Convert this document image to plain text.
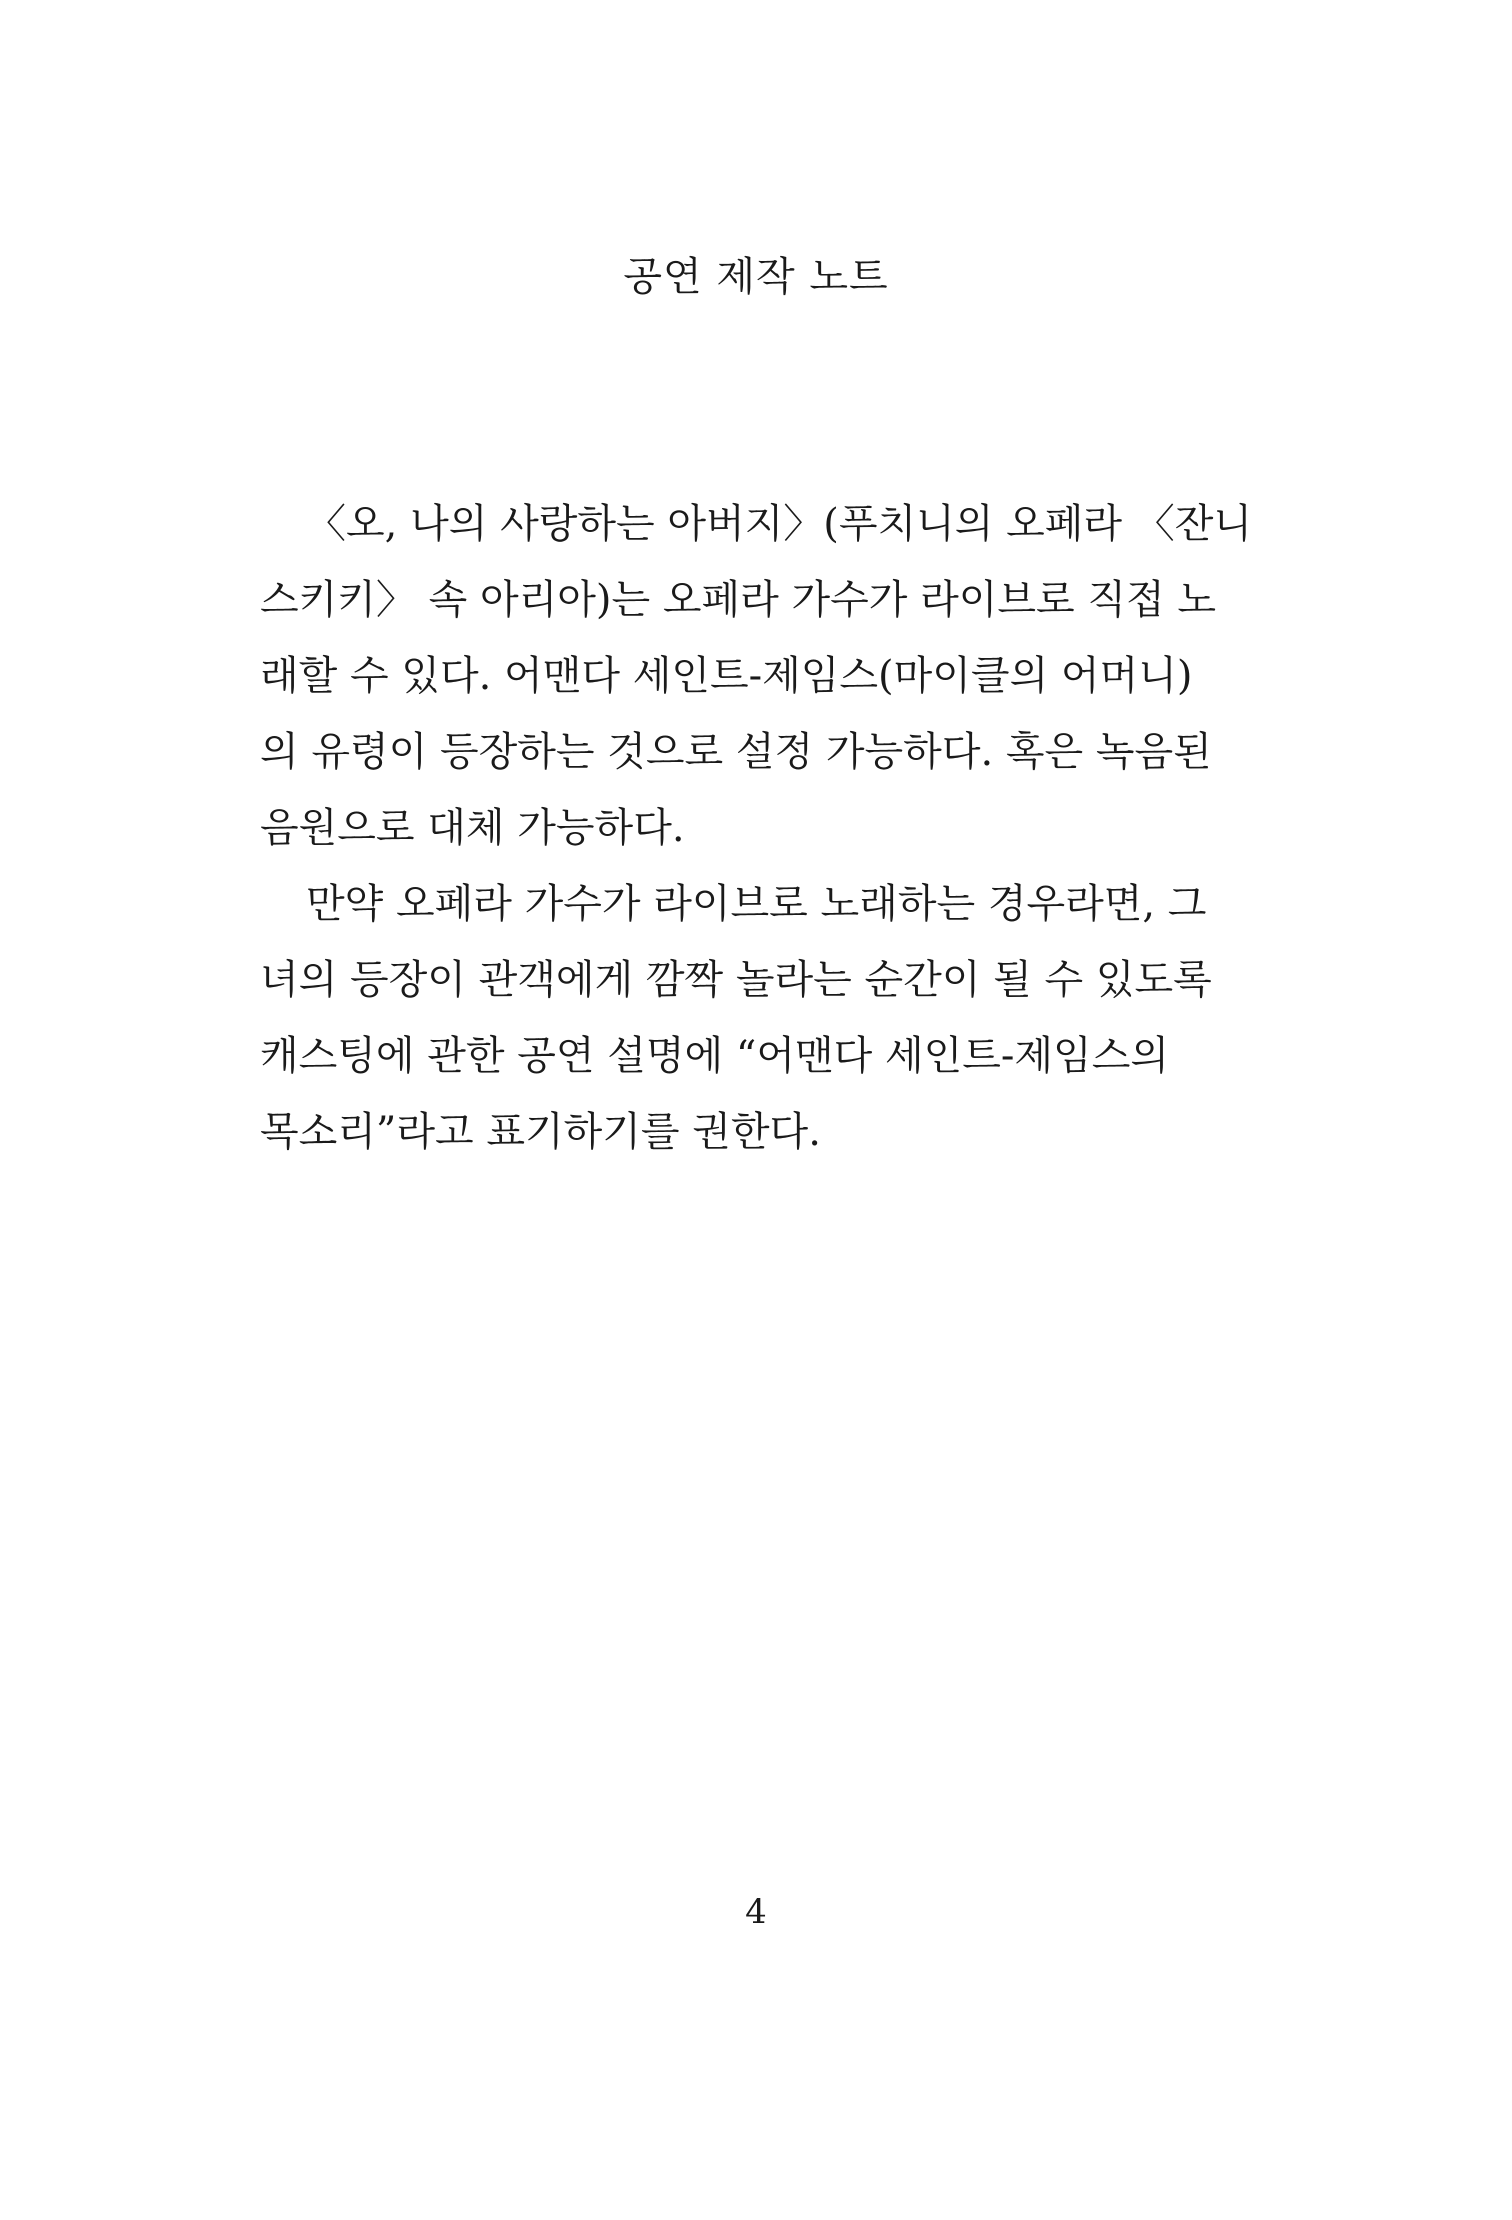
공연 제작 노트

〈오, 나의 사랑하는 아버지〉(푸치니의 오페라 〈잔니

스키키〉 속 아리아)는 오페라 가수가 라이브로 직접 노

래할 수 있다. 어맨다 세인트-제임스(마이클의 어머니)

의 유령이 등장하는 것으로 설정 가능하다. 혹은 녹음된

음원으로 대체 가능하다.

만약 오페라 가수가 라이브로 노래하는 경우라면, 그

녀의 등장이 관객에게 깜짝 놀라는 순간이 될 수 있도록

캐스팅에 관한 공연 설명에 “어맨다 세인트-제임스의

목소리”라고 표기하기를 권한다.

4
